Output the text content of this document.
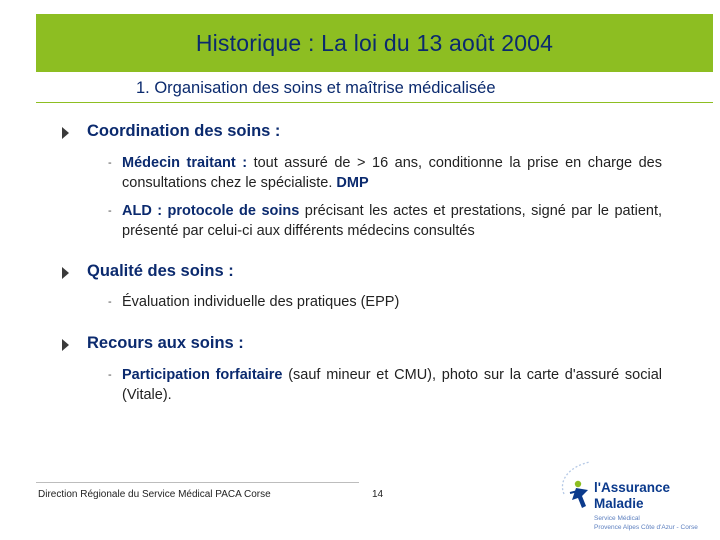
Historique : La loi du 13 août 2004
1. Organisation des soins et maîtrise médicalisée
Coordination des soins :
- Médecin traitant : tout assuré de > 16 ans, conditionne la prise en charge des consultations chez le spécialiste. DMP
- ALD : protocole de soins précisant les actes et prestations, signé par le patient, présenté par celui-ci aux différents médecins consultés
Qualité des soins :
- Évaluation individuelle des pratiques (EPP)
Recours aux soins :
- Participation forfaitaire (sauf mineur et CMU), photo sur la carte d'assuré social (Vitale).
Direction Régionale du Service Médical PACA Corse	14	l'Assurance
Maladie
Service Médical
Provence Alpes Côte d'Azur - Corse
